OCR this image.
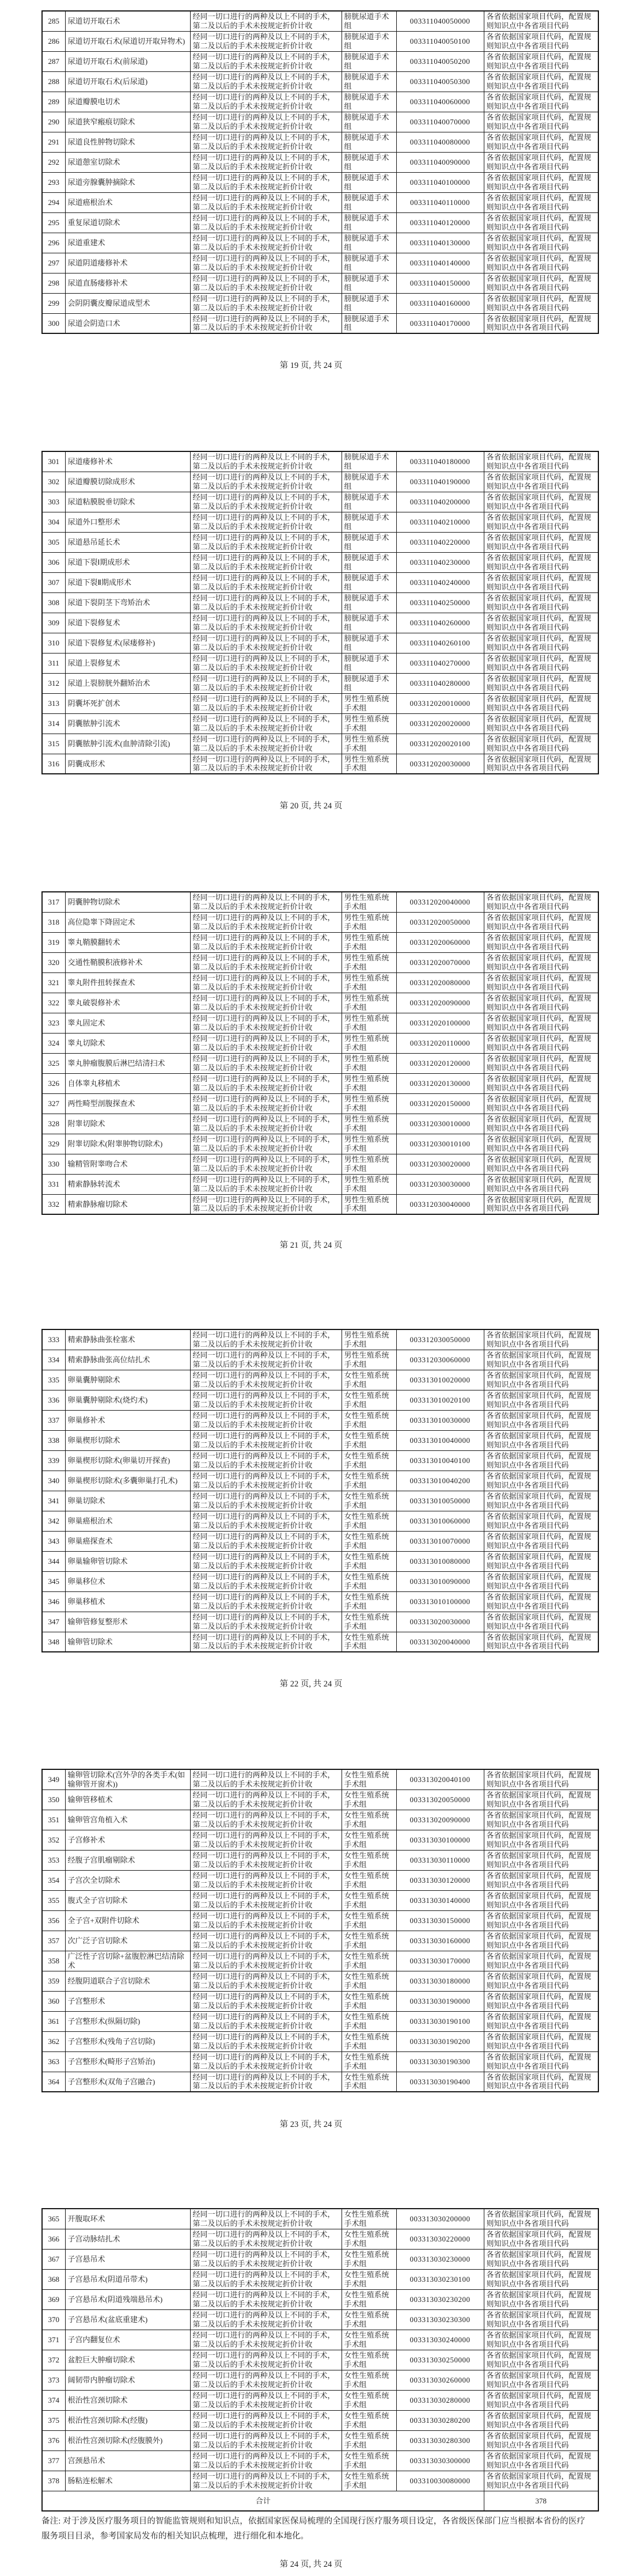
备注: 对于涉及医疗服务项目的智能监管规则和知识点，依据国家医保局梳理的全国现行医疗服务项目设定，各省级医保部门应当根据本省份的医疗服务项目目录，参考国家局发布的相关知识点梳理，进行细化和本地化。
285	尿道切开取石术	经同一切口进行的两种及以上不同的手术，第二及以后的手术未按规定折价计收	膀胱尿道手术组	003311040050000	各省依据国家项目代码，配置规则知识点中各省项目代码
286	尿道切开取石术(尿道切开取异物术)	经同一切口进行的两种及以上不同的手术，第二及以后的手术未按规定折价计收	膀胱尿道手术组	003311040050100	各省依据国家项目代码，配置规则知识点中各省项目代码
287	尿道切开取石术(前尿道)	经同一切口进行的两种及以上不同的手术，第二及以后的手术未按规定折价计收	膀胱尿道手术组	003311040050200	各省依据国家项目代码，配置规则知识点中各省项目代码
288	尿道切开取石术(后尿道)	经同一切口进行的两种及以上不同的手术，第二及以后的手术未按规定折价计收	膀胱尿道手术组	003311040050300	各省依据国家项目代码，配置规则知识点中各省项目代码
289	尿道瓣膜电切术	经同一切口进行的两种及以上不同的手术，第二及以后的手术未按规定折价计收	膀胱尿道手术组	003311040060000	各省依据国家项目代码，配置规则知识点中各省项目代码
290	尿道狭窄瘢痕切除术	经同一切口进行的两种及以上不同的手术，第二及以后的手术未按规定折价计收	膀胱尿道手术组	003311040070000	各省依据国家项目代码，配置规则知识点中各省项目代码
291	尿道良性肿物切除术	经同一切口进行的两种及以上不同的手术，第二及以后的手术未按规定折价计收	膀胱尿道手术组	003311040080000	各省依据国家项目代码，配置规则知识点中各省项目代码
292	尿道憩室切除术	经同一切口进行的两种及以上不同的手术，第二及以后的手术未按规定折价计收	膀胱尿道手术组	003311040090000	各省依据国家项目代码，配置规则知识点中各省项目代码
293	尿道旁腺囊肿摘除术	经同一切口进行的两种及以上不同的手术，第二及以后的手术未按规定折价计收	膀胱尿道手术组	003311040100000	各省依据国家项目代码，配置规则知识点中各省项目代码
294	尿道癌根治术	经同一切口进行的两种及以上不同的手术，第二及以后的手术未按规定折价计收	膀胱尿道手术组	003311040110000	各省依据国家项目代码，配置规则知识点中各省项目代码
295	重复尿道切除术	经同一切口进行的两种及以上不同的手术，第二及以后的手术未按规定折价计收	膀胱尿道手术组	003311040120000	各省依据国家项目代码，配置规则知识点中各省项目代码
296	尿道重建术	经同一切口进行的两种及以上不同的手术，第二及以后的手术未按规定折价计收	膀胱尿道手术组	003311040130000	各省依据国家项目代码，配置规则知识点中各省项目代码
297	尿道阴道瘘修补术	经同一切口进行的两种及以上不同的手术，第二及以后的手术未按规定折价计收	膀胱尿道手术组	003311040140000	各省依据国家项目代码，配置规则知识点中各省项目代码
298	尿道直肠瘘修补术	经同一切口进行的两种及以上不同的手术，第二及以后的手术未按规定折价计收	膀胱尿道手术组	003311040150000	各省依据国家项目代码，配置规则知识点中各省项目代码
299	会阴阴囊皮瓣尿道成型术	经同一切口进行的两种及以上不同的手术，第二及以后的手术未按规定折价计收	膀胱尿道手术组	003311040160000	各省依据国家项目代码，配置规则知识点中各省项目代码
300	尿道会阴造口术	经同一切口进行的两种及以上不同的手术，第二及以后的手术未按规定折价计收	膀胱尿道手术组	003311040170000	各省依据国家项目代码，配置规则知识点中各省项目代码
第 19 页, 共 24 页
301	尿道瘘修补术	经同一切口进行的两种及以上不同的手术，第二及以后的手术未按规定折价计收	膀胱尿道手术组	003311040180000	各省依据国家项目代码，配置规则知识点中各省项目代码
302	尿道瓣膜切除成形术	经同一切口进行的两种及以上不同的手术，第二及以后的手术未按规定折价计收	膀胱尿道手术组	003311040190000	各省依据国家项目代码，配置规则知识点中各省项目代码
303	尿道粘膜脱垂切除术	经同一切口进行的两种及以上不同的手术，第二及以后的手术未按规定折价计收	膀胱尿道手术组	003311040200000	各省依据国家项目代码，配置规则知识点中各省项目代码
304	尿道外口整形术	经同一切口进行的两种及以上不同的手术，第二及以后的手术未按规定折价计收	膀胱尿道手术组	003311040210000	各省依据国家项目代码，配置规则知识点中各省项目代码
305	尿道悬吊延长术	经同一切口进行的两种及以上不同的手术，第二及以后的手术未按规定折价计收	膀胱尿道手术组	003311040220000	各省依据国家项目代码，配置规则知识点中各省项目代码
306	尿道下裂Ⅰ期成形术	经同一切口进行的两种及以上不同的手术，第二及以后的手术未按规定折价计收	膀胱尿道手术组	003311040230000	各省依据国家项目代码，配置规则知识点中各省项目代码
307	尿道下裂Ⅱ期成形术	经同一切口进行的两种及以上不同的手术，第二及以后的手术未按规定折价计收	膀胱尿道手术组	003311040240000	各省依据国家项目代码，配置规则知识点中各省项目代码
308	尿道下裂阴茎下弯矫治术	经同一切口进行的两种及以上不同的手术，第二及以后的手术未按规定折价计收	膀胱尿道手术组	003311040250000	各省依据国家项目代码，配置规则知识点中各省项目代码
309	尿道下裂修复术	经同一切口进行的两种及以上不同的手术，第二及以后的手术未按规定折价计收	膀胱尿道手术组	003311040260000	各省依据国家项目代码，配置规则知识点中各省项目代码
310	尿道下裂修复术(尿瘘修补)	经同一切口进行的两种及以上不同的手术，第二及以后的手术未按规定折价计收	膀胱尿道手术组	003311040260100	各省依据国家项目代码，配置规则知识点中各省项目代码
311	尿道上裂修复术	经同一切口进行的两种及以上不同的手术，第二及以后的手术未按规定折价计收	膀胱尿道手术组	003311040270000	各省依据国家项目代码，配置规则知识点中各省项目代码
312	尿道上裂膀胱外翻矫治术	经同一切口进行的两种及以上不同的手术，第二及以后的手术未按规定折价计收	膀胱尿道手术组	003311040280000	各省依据国家项目代码，配置规则知识点中各省项目代码
313	阴囊坏死扩创术	经同一切口进行的两种及以上不同的手术，第二及以后的手术未按规定折价计收	男性生殖系统手术组	003312020010000	各省依据国家项目代码，配置规则知识点中各省项目代码
314	阴囊脓肿引流术	经同一切口进行的两种及以上不同的手术，第二及以后的手术未按规定折价计收	男性生殖系统手术组	003312020020000	各省依据国家项目代码，配置规则知识点中各省项目代码
315	阴囊脓肿引流术(血肿清除引流)	经同一切口进行的两种及以上不同的手术，第二及以后的手术未按规定折价计收	男性生殖系统手术组	003312020020100	各省依据国家项目代码，配置规则知识点中各省项目代码
316	阴囊成形术	经同一切口进行的两种及以上不同的手术，第二及以后的手术未按规定折价计收	男性生殖系统手术组	003312020030000	各省依据国家项目代码，配置规则知识点中各省项目代码
第 20 页, 共 24 页
317	阴囊肿物切除术	经同一切口进行的两种及以上不同的手术，第二及以后的手术未按规定折价计收	男性生殖系统手术组	003312020040000	各省依据国家项目代码，配置规则知识点中各省项目代码
318	高位隐睾下降固定术	经同一切口进行的两种及以上不同的手术，第二及以后的手术未按规定折价计收	男性生殖系统手术组	003312020050000	各省依据国家项目代码，配置规则知识点中各省项目代码
319	睾丸鞘膜翻转术	经同一切口进行的两种及以上不同的手术，第二及以后的手术未按规定折价计收	男性生殖系统手术组	003312020060000	各省依据国家项目代码，配置规则知识点中各省项目代码
320	交通性鞘膜积液修补术	经同一切口进行的两种及以上不同的手术，第二及以后的手术未按规定折价计收	男性生殖系统手术组	003312020070000	各省依据国家项目代码，配置规则知识点中各省项目代码
321	睾丸附件扭转探查术	经同一切口进行的两种及以上不同的手术，第二及以后的手术未按规定折价计收	男性生殖系统手术组	003312020080000	各省依据国家项目代码，配置规则知识点中各省项目代码
322	睾丸破裂修补术	经同一切口进行的两种及以上不同的手术，第二及以后的手术未按规定折价计收	男性生殖系统手术组	003312020090000	各省依据国家项目代码，配置规则知识点中各省项目代码
323	睾丸固定术	经同一切口进行的两种及以上不同的手术，第二及以后的手术未按规定折价计收	男性生殖系统手术组	003312020100000	各省依据国家项目代码，配置规则知识点中各省项目代码
324	睾丸切除术	经同一切口进行的两种及以上不同的手术，第二及以后的手术未按规定折价计收	男性生殖系统手术组	003312020110000	各省依据国家项目代码，配置规则知识点中各省项目代码
325	睾丸肿瘤腹膜后淋巴结清扫术	经同一切口进行的两种及以上不同的手术，第二及以后的手术未按规定折价计收	男性生殖系统手术组	003312020120000	各省依据国家项目代码，配置规则知识点中各省项目代码
326	自体睾丸移植术	经同一切口进行的两种及以上不同的手术，第二及以后的手术未按规定折价计收	男性生殖系统手术组	003312020130000	各省依据国家项目代码，配置规则知识点中各省项目代码
327	两性畸型剖腹探查术	经同一切口进行的两种及以上不同的手术，第二及以后的手术未按规定折价计收	男性生殖系统手术组	003312020150000	各省依据国家项目代码，配置规则知识点中各省项目代码
328	附睾切除术	经同一切口进行的两种及以上不同的手术，第二及以后的手术未按规定折价计收	男性生殖系统手术组	003312030010000	各省依据国家项目代码，配置规则知识点中各省项目代码
329	附睾切除术(附睾肿物切除术)	经同一切口进行的两种及以上不同的手术，第二及以后的手术未按规定折价计收	男性生殖系统手术组	003312030010100	各省依据国家项目代码，配置规则知识点中各省项目代码
330	输精管附睾吻合术	经同一切口进行的两种及以上不同的手术，第二及以后的手术未按规定折价计收	男性生殖系统手术组	003312030020000	各省依据国家项目代码，配置规则知识点中各省项目代码
331	精索静脉转流术	经同一切口进行的两种及以上不同的手术，第二及以后的手术未按规定折价计收	男性生殖系统手术组	003312030030000	各省依据国家项目代码，配置规则知识点中各省项目代码
332	精索静脉瘤切除术	经同一切口进行的两种及以上不同的手术，第二及以后的手术未按规定折价计收	男性生殖系统手术组	003312030040000	各省依据国家项目代码，配置规则知识点中各省项目代码
第 21 页, 共 24 页
333	精索静脉曲张栓塞术	经同一切口进行的两种及以上不同的手术，第二及以后的手术未按规定折价计收	男性生殖系统手术组	003312030050000	各省依据国家项目代码，配置规则知识点中各省项目代码
334	精索静脉曲张高位结扎术	经同一切口进行的两种及以上不同的手术，第二及以后的手术未按规定折价计收	男性生殖系统手术组	003312030060000	各省依据国家项目代码，配置规则知识点中各省项目代码
335	卵巢囊肿剔除术	经同一切口进行的两种及以上不同的手术，第二及以后的手术未按规定折价计收	女性生殖系统手术组	003313010020000	各省依据国家项目代码，配置规则知识点中各省项目代码
336	卵巢囊肿剔除术(烧灼术)	经同一切口进行的两种及以上不同的手术，第二及以后的手术未按规定折价计收	女性生殖系统手术组	003313010020100	各省依据国家项目代码，配置规则知识点中各省项目代码
337	卵巢修补术	经同一切口进行的两种及以上不同的手术，第二及以后的手术未按规定折价计收	女性生殖系统手术组	003313010030000	各省依据国家项目代码，配置规则知识点中各省项目代码
338	卵巢楔形切除术	经同一切口进行的两种及以上不同的手术，第二及以后的手术未按规定折价计收	女性生殖系统手术组	003313010040000	各省依据国家项目代码，配置规则知识点中各省项目代码
339	卵巢楔形切除术(卵巢切开探查)	经同一切口进行的两种及以上不同的手术，第二及以后的手术未按规定折价计收	女性生殖系统手术组	003313010040100	各省依据国家项目代码，配置规则知识点中各省项目代码
340	卵巢楔形切除术(多囊卵巢打孔术)	经同一切口进行的两种及以上不同的手术，第二及以后的手术未按规定折价计收	女性生殖系统手术组	003313010040200	各省依据国家项目代码，配置规则知识点中各省项目代码
341	卵巢切除术	经同一切口进行的两种及以上不同的手术，第二及以后的手术未按规定折价计收	女性生殖系统手术组	003313010050000	各省依据国家项目代码，配置规则知识点中各省项目代码
342	卵巢癌根治术	经同一切口进行的两种及以上不同的手术，第二及以后的手术未按规定折价计收	女性生殖系统手术组	003313010060000	各省依据国家项目代码，配置规则知识点中各省项目代码
343	卵巢癌探查术	经同一切口进行的两种及以上不同的手术，第二及以后的手术未按规定折价计收	女性生殖系统手术组	003313010070000	各省依据国家项目代码，配置规则知识点中各省项目代码
344	卵巢输卵管切除术	经同一切口进行的两种及以上不同的手术，第二及以后的手术未按规定折价计收	女性生殖系统手术组	003313010080000	各省依据国家项目代码，配置规则知识点中各省项目代码
345	卵巢移位术	经同一切口进行的两种及以上不同的手术，第二及以后的手术未按规定折价计收	女性生殖系统手术组	003313010090000	各省依据国家项目代码，配置规则知识点中各省项目代码
346	卵巢移植术	经同一切口进行的两种及以上不同的手术，第二及以后的手术未按规定折价计收	女性生殖系统手术组	003313010100000	各省依据国家项目代码，配置规则知识点中各省项目代码
347	输卵管修复整形术	经同一切口进行的两种及以上不同的手术，第二及以后的手术未按规定折价计收	女性生殖系统手术组	003313020030000	各省依据国家项目代码，配置规则知识点中各省项目代码
348	输卵管切除术	经同一切口进行的两种及以上不同的手术，第二及以后的手术未按规定折价计收	女性生殖系统手术组	003313020040000	各省依据国家项目代码，配置规则知识点中各省项目代码
第 22 页, 共 24 页
349	输卵管切除术(宫外孕的各类手术(如输卵管开窗术))	经同一切口进行的两种及以上不同的手术，第二及以后的手术未按规定折价计收	女性生殖系统手术组	003313020040100	各省依据国家项目代码，配置规则知识点中各省项目代码
350	输卵管移植术	经同一切口进行的两种及以上不同的手术，第二及以后的手术未按规定折价计收	女性生殖系统手术组	003313020050000	各省依据国家项目代码，配置规则知识点中各省项目代码
351	输卵管宫角植入术	经同一切口进行的两种及以上不同的手术，第二及以后的手术未按规定折价计收	女性生殖系统手术组	003313020090000	各省依据国家项目代码，配置规则知识点中各省项目代码
352	子宫修补术	经同一切口进行的两种及以上不同的手术，第二及以后的手术未按规定折价计收	女性生殖系统手术组	003313030100000	各省依据国家项目代码，配置规则知识点中各省项目代码
353	经腹子宫肌瘤剔除术	经同一切口进行的两种及以上不同的手术，第二及以后的手术未按规定折价计收	女性生殖系统手术组	003313030110000	各省依据国家项目代码，配置规则知识点中各省项目代码
354	子宫次全切除术	经同一切口进行的两种及以上不同的手术，第二及以后的手术未按规定折价计收	女性生殖系统手术组	003313030120000	各省依据国家项目代码，配置规则知识点中各省项目代码
355	腹式全子宫切除术	经同一切口进行的两种及以上不同的手术，第二及以后的手术未按规定折价计收	女性生殖系统手术组	003313030140000	各省依据国家项目代码，配置规则知识点中各省项目代码
356	全子宫+双附件切除术	经同一切口进行的两种及以上不同的手术，第二及以后的手术未按规定折价计收	女性生殖系统手术组	003313030150000	各省依据国家项目代码，配置规则知识点中各省项目代码
357	次广泛子宫切除术	经同一切口进行的两种及以上不同的手术，第二及以后的手术未按规定折价计收	女性生殖系统手术组	003313030160000	各省依据国家项目代码，配置规则知识点中各省项目代码
358	广泛性子宫切除+盆腹腔淋巴结清除术	经同一切口进行的两种及以上不同的手术，第二及以后的手术未按规定折价计收	女性生殖系统手术组	003313030170000	各省依据国家项目代码，配置规则知识点中各省项目代码
359	经腹阴道联合子宫切除术	经同一切口进行的两种及以上不同的手术，第二及以后的手术未按规定折价计收	女性生殖系统手术组	003313030180000	各省依据国家项目代码，配置规则知识点中各省项目代码
360	子宫整形术	经同一切口进行的两种及以上不同的手术，第二及以后的手术未按规定折价计收	女性生殖系统手术组	003313030190000	各省依据国家项目代码，配置规则知识点中各省项目代码
361	子宫整形术(纵隔切除)	经同一切口进行的两种及以上不同的手术，第二及以后的手术未按规定折价计收	女性生殖系统手术组	003313030190100	各省依据国家项目代码，配置规则知识点中各省项目代码
362	子宫整形术(残角子宫切除)	经同一切口进行的两种及以上不同的手术，第二及以后的手术未按规定折价计收	女性生殖系统手术组	003313030190200	各省依据国家项目代码，配置规则知识点中各省项目代码
363	子宫整形术(畸形子宫矫治)	经同一切口进行的两种及以上不同的手术，第二及以后的手术未按规定折价计收	女性生殖系统手术组	003313030190300	各省依据国家项目代码，配置规则知识点中各省项目代码
364	子宫整形术(双角子宫融合)	经同一切口进行的两种及以上不同的手术，第二及以后的手术未按规定折价计收	女性生殖系统手术组	003313030190400	各省依据国家项目代码，配置规则知识点中各省项目代码
第 23 页, 共 24 页
365	开腹取环术	经同一切口进行的两种及以上不同的手术，第二及以后的手术未按规定折价计收	女性生殖系统手术组	003313030200000	各省依据国家项目代码，配置规则知识点中各省项目代码
366	子宫动脉结扎术	经同一切口进行的两种及以上不同的手术，第二及以后的手术未按规定折价计收	女性生殖系统手术组	003313030220000	各省依据国家项目代码，配置规则知识点中各省项目代码
367	子宫悬吊术	经同一切口进行的两种及以上不同的手术，第二及以后的手术未按规定折价计收	女性生殖系统手术组	003313030230000	各省依据国家项目代码，配置规则知识点中各省项目代码
368	子宫悬吊术(阴道吊带术)	经同一切口进行的两种及以上不同的手术，第二及以后的手术未按规定折价计收	女性生殖系统手术组	003313030230100	各省依据国家项目代码，配置规则知识点中各省项目代码
369	子宫悬吊术(阴道残端悬吊术)	经同一切口进行的两种及以上不同的手术，第二及以后的手术未按规定折价计收	女性生殖系统手术组	003313030230200	各省依据国家项目代码，配置规则知识点中各省项目代码
370	子宫悬吊术(盆底重建术)	经同一切口进行的两种及以上不同的手术，第二及以后的手术未按规定折价计收	女性生殖系统手术组	003313030230300	各省依据国家项目代码，配置规则知识点中各省项目代码
371	子宫内翻复位术	经同一切口进行的两种及以上不同的手术，第二及以后的手术未按规定折价计收	女性生殖系统手术组	003313030240000	各省依据国家项目代码，配置规则知识点中各省项目代码
372	盆腔巨大肿瘤切除术	经同一切口进行的两种及以上不同的手术，第二及以后的手术未按规定折价计收	女性生殖系统手术组	003313030250000	各省依据国家项目代码，配置规则知识点中各省项目代码
373	阔韧带内肿瘤切除术	经同一切口进行的两种及以上不同的手术，第二及以后的手术未按规定折价计收	女性生殖系统手术组	003313030260000	各省依据国家项目代码，配置规则知识点中各省项目代码
374	根治性宫颈切除术	经同一切口进行的两种及以上不同的手术，第二及以后的手术未按规定折价计收	女性生殖系统手术组	003313030280000	各省依据国家项目代码，配置规则知识点中各省项目代码
375	根治性宫颈切除术(经腹)	经同一切口进行的两种及以上不同的手术，第二及以后的手术未按规定折价计收	女性生殖系统手术组	003313030280200	各省依据国家项目代码，配置规则知识点中各省项目代码
376	根治性宫颈切除术(经腹膜外)	经同一切口进行的两种及以上不同的手术，第二及以后的手术未按规定折价计收	女性生殖系统手术组	003313030280300	各省依据国家项目代码，配置规则知识点中各省项目代码
377	宫颈悬吊术	经同一切口进行的两种及以上不同的手术，第二及以后的手术未按规定折价计收	女性生殖系统手术组	003313030300000	各省依据国家项目代码，配置规则知识点中各省项目代码
378	肠粘连松解术	经同一切口进行的两种及以上不同的手术，第二及以后的手术未按规定折价计收	女性生殖系统手术组	003310030080000	各省依据国家项目代码，配置规则知识点中各省项目代码
合计					378
第 24 页, 共 24 页
